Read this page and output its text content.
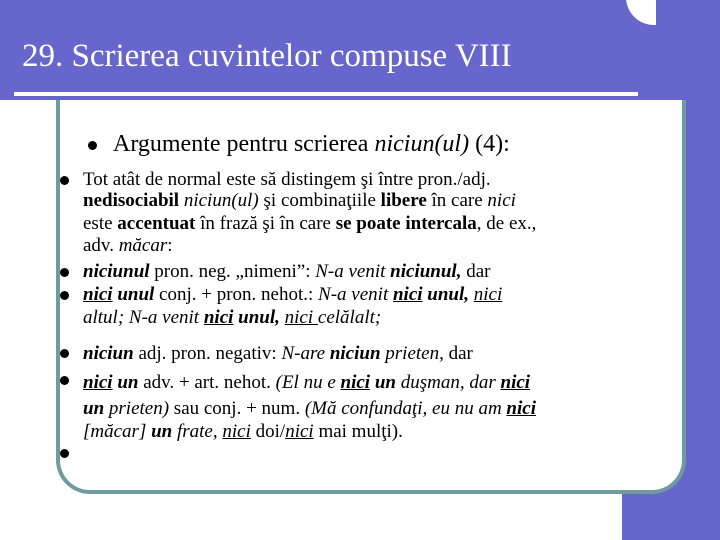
29. Scrierea cuvintelor compuse VIII
Argumente pentru scrierea niciun(ul) (4):
Tot atât de normal este să distingem şi între pron./adj.
nedisociabil niciun(ul) şi combinaţiile libere în care nici
este accentuat în frază şi în care se poate intercala, de ex.,
adv. măcar:
niciunul pron. neg. „nimeni”: N-a venit niciunul, dar
nici unul conj. + pron. nehot.: N-a venit nici unul, nici
altul; N-a venit nici unul, nici celălalt;
niciun adj. pron. negativ: N-are niciun prieten, dar
nici un adv. + art. nehot. (El nu e nici un duşman, dar nici
un prieten) sau conj. + num. (Mă confundaţi, eu nu am nici
[măcar] un frate, nici doi/nici mai mulţi).
